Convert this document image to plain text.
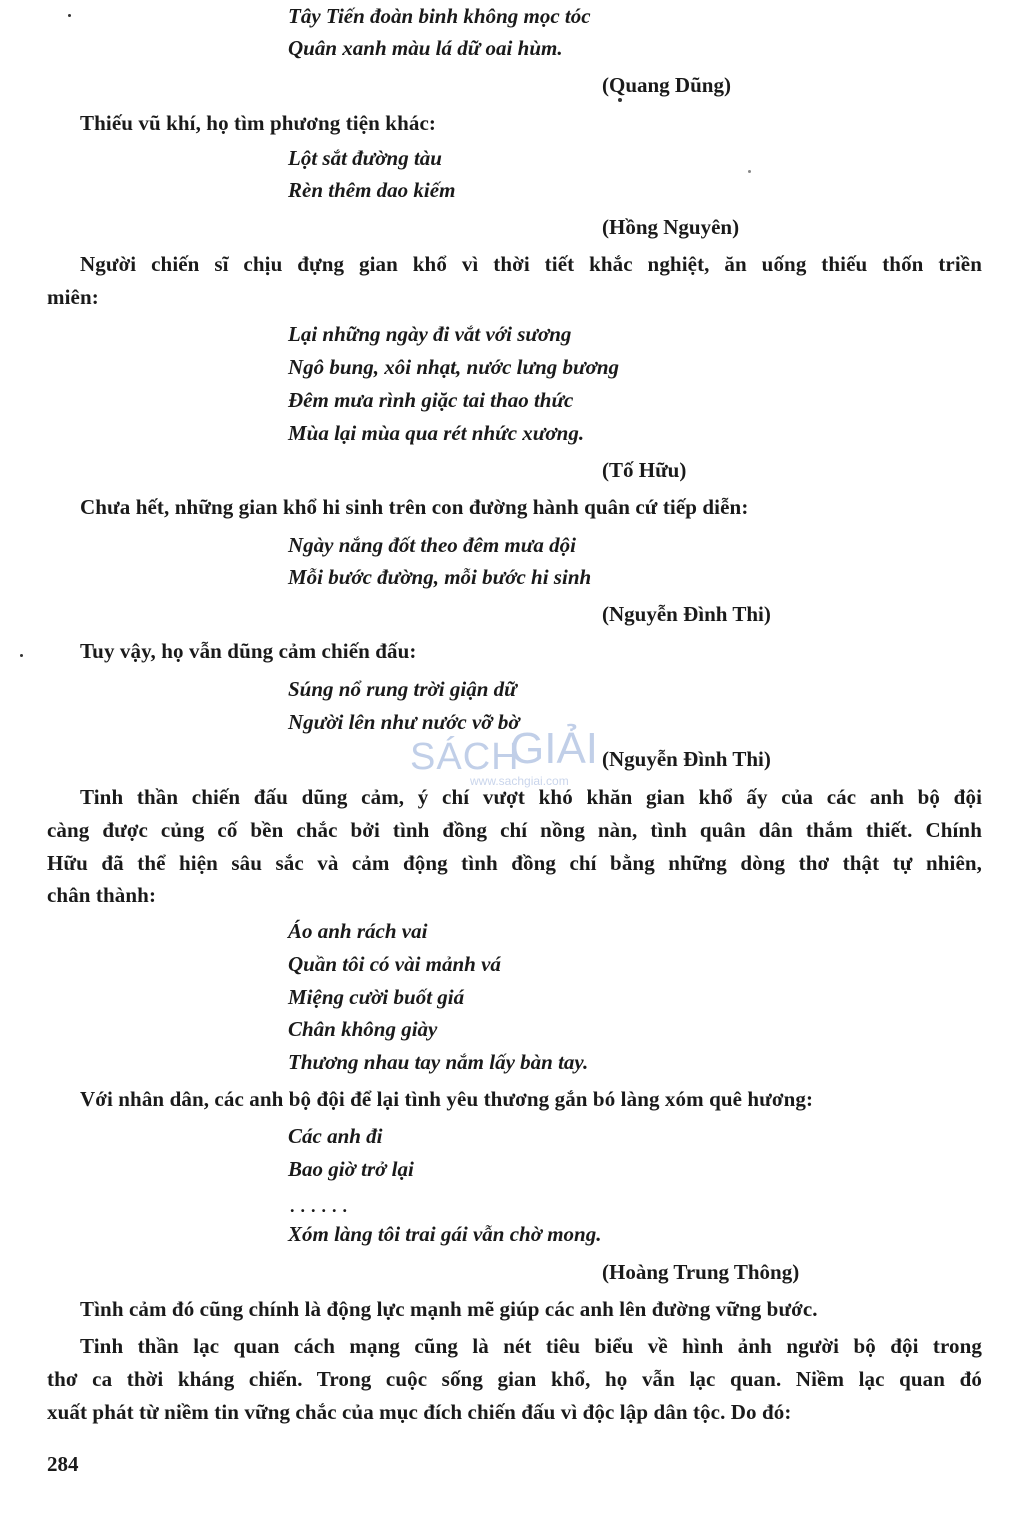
Tây Tiến đoàn binh không mọc tóc
Quân xanh màu lá dữ oai hùm.
(Quang Dũng)
Thiếu vũ khí, họ tìm phương tiện khác:
Lột sắt đường tàu
Rèn thêm dao kiếm
(Hồng Nguyên)
Người chiến sĩ chịu đựng gian khổ vì thời tiết khắc nghiệt, ăn uống thiếu thốn triền
miên:
Lại những ngày đi vắt với sương
Ngô bung, xôi nhạt, nước lưng bương
Đêm mưa rình giặc tai thao thức
Mùa lại mùa qua rét nhức xương.
(Tố Hữu)
Chưa hết, những gian khổ hi sinh trên con đường hành quân cứ tiếp diễn:
Ngày nắng đốt theo đêm mưa dội
Mỗi bước đường, mỗi bước hi sinh
(Nguyễn Đình Thi)
Tuy vậy, họ vẫn dũng cảm chiến đấu:
Súng nổ rung trời giận dữ
Người lên như nước vỡ bờ
(Nguyễn Đình Thi)
Tinh thần chiến đấu dũng cảm, ý chí vượt khó khăn gian khổ ấy của các anh bộ đội
càng được củng cố bền chắc bởi tình đồng chí nồng nàn, tình quân dân thắm thiết. Chính
Hữu đã thể hiện sâu sắc và cảm động tình đồng chí bằng những dòng thơ thật tự nhiên,
chân thành:
Áo anh rách vai
Quần tôi có vài mảnh vá
Miệng cười buốt giá
Chân không giày
Thương nhau tay nắm lấy bàn tay.
Với nhân dân, các anh bộ đội để lại tình yêu thương gắn bó làng xóm quê hương:
Các anh đi
Bao giờ trở lại
......
Xóm làng tôi trai gái vẫn chờ mong.
(Hoàng Trung Thông)
Tình cảm đó cũng chính là động lực mạnh mẽ giúp các anh lên đường vững bước.
Tinh thần lạc quan cách mạng cũng là nét tiêu biểu về hình ảnh người bộ đội trong
thơ ca thời kháng chiến. Trong cuộc sống gian khổ, họ vẫn lạc quan. Niềm lạc quan đó
xuất phát từ niềm tin vững chắc của mục đích chiến đấu vì độc lập dân tộc. Do đó:
284
SÁCH
GIẢI
www.sachgiai.com
